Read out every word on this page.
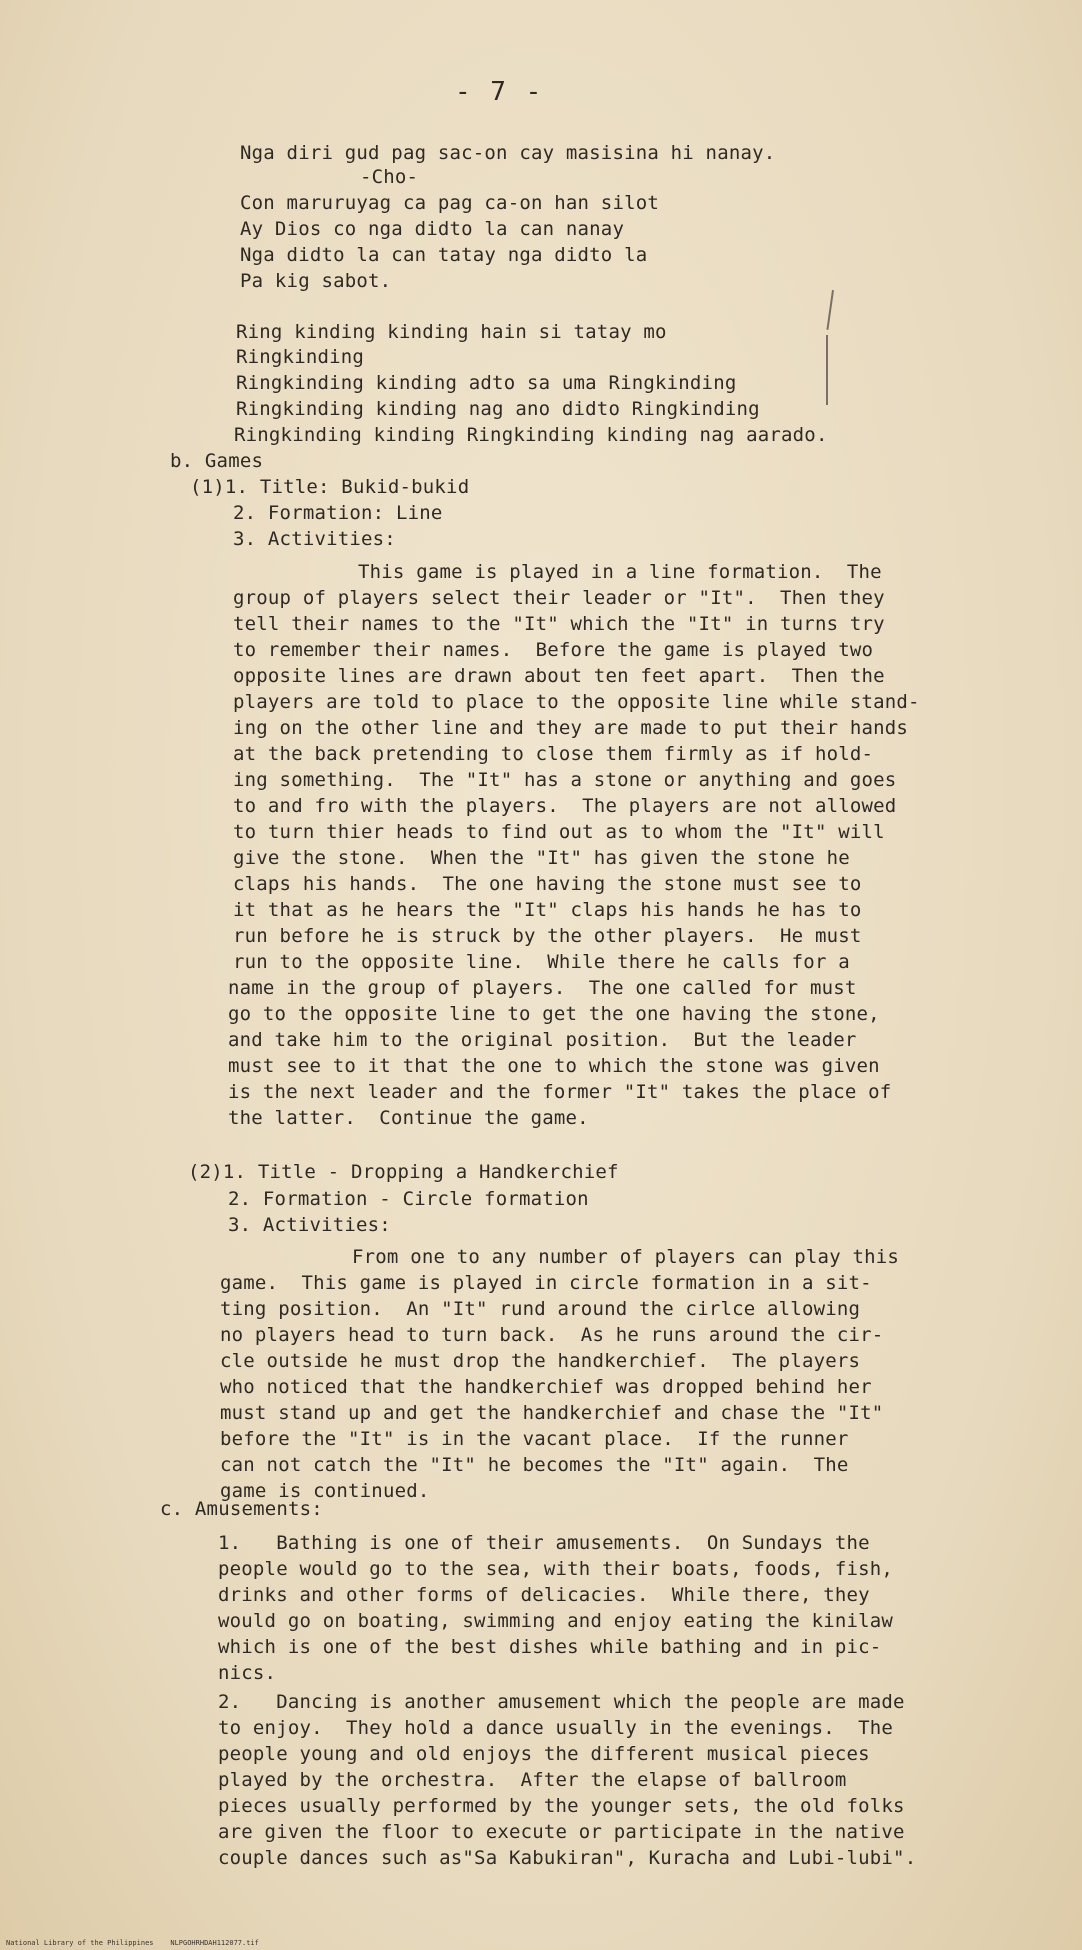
- 7 -
Nga diri gud pag sac-on cay masisina hi nanay.
-Cho-
Con maruruyag ca pag ca-on han silot
Ay Dios co nga didto la can nanay
Nga didto la can tatay nga didto la
Pa kig sabot.
Ring kinding kinding hain si tatay mo
Ringkinding
Ringkinding kinding adto sa uma Ringkinding
Ringkinding kinding nag ano didto Ringkinding
Ringkinding kinding Ringkinding kinding nag aarado.
b. Games
(1)1. Title: Bukid-bukid
2. Formation: Line
3. Activities:
This game is played in a line formation.  The
group of players select their leader or "It".  Then they
tell their names to the "It" which the "It" in turns try
to remember their names.  Before the game is played two
opposite lines are drawn about ten feet apart.  Then the
players are told to place to the opposite line while stand-
ing on the other line and they are made to put their hands
at the back pretending to close them firmly as if hold-
ing something.  The "It" has a stone or anything and goes
to and fro with the players.  The players are not allowed
to turn thier heads to find out as to whom the "It" will
give the stone.  When the "It" has given the stone he
claps his hands.  The one having the stone must see to
it that as he hears the "It" claps his hands he has to
run before he is struck by the other players.  He must
run to the opposite line.  While there he calls for a
name in the group of players.  The one called for must
go to the opposite line to get the one having the stone,
and take him to the original position.  But the leader
must see to it that the one to which the stone was given
is the next leader and the former "It" takes the place of
the latter.  Continue the game.
(2)1. Title - Dropping a Handkerchief
2. Formation - Circle formation
3. Activities:
From one to any number of players can play this
game.  This game is played in circle formation in a sit-
ting position.  An "It" rund around the cirlce allowing
no players head to turn back.  As he runs around the cir-
cle outside he must drop the handkerchief.  The players
who noticed that the handkerchief was dropped behind her
must stand up and get the handkerchief and chase the "It"
before the "It" is in the vacant place.  If the runner
can not catch the "It" he becomes the "It" again.  The
game is continued.
c. Amusements:
1.   Bathing is one of their amusements.  On Sundays the
people would go to the sea, with their boats, foods, fish,
drinks and other forms of delicacies.  While there, they
would go on boating, swimming and enjoy eating the kinilaw
which is one of the best dishes while bathing and in pic-
nics.
2.   Dancing is another amusement which the people are made
to enjoy.  They hold a dance usually in the evenings.  The
people young and old enjoys the different musical pieces
played by the orchestra.  After the elapse of ballroom
pieces usually performed by the younger sets, the old folks
are given the floor to execute or participate in the native
couple dances such as"Sa Kabukiran", Kuracha and Lubi-lubi".
National Library of the Philippines    NLPGOHRHDAH112077.tif
